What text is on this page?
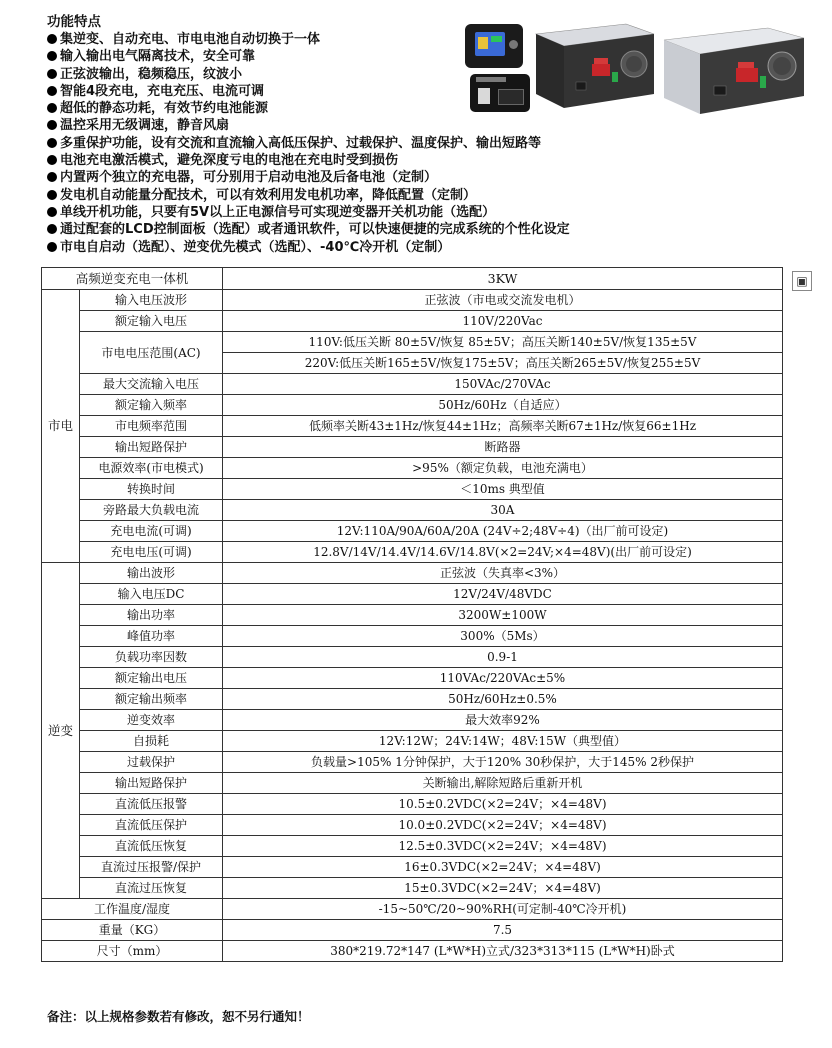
功能特点
集逆变、自动充电、市电电池自动切换于一体
输入输出电气隔离技术，安全可靠
正弦波输出，稳频稳压，纹波小
智能4段充电，充电充压、电流可调
超低的静态功耗，有效节约电池能源
温控采用无级调速，静音风扇
多重保护功能，设有交流和直流输入高低压保护、过载保护、温度保护、输出短路等
电池充电激活模式，避免深度亏电的电池在充电时受到损伤
内置两个独立的充电器，可分别用于启动电池及后备电池（定制）
发电机自动能量分配技术，可以有效利用发电机功率，降低配置（定制）
单线开机功能，只要有5V以上正电源信号可实现逆变器开关机功能（选配）
通过配套的LCD控制面板（选配）或者通讯软件，可以快速便捷的完成系统的个性化设定
市电自启动（选配）、逆变优先模式（选配）、-40℃冷开机（定制）
▣
高频逆变充电一体机		3KW
市电	输入电压波形	正弦波（市电或交流发电机）
	额定输入电压	110V/220Vac
	市电电压范围(AC)	110V:低压关断 80±5V/恢复 85±5V；高压关断140±5V/恢复135±5V
		220V:低压关断165±5V/恢复175±5V；高压关断265±5V/恢复255±5V
	最大交流输入电压	150VAc/270VAc
	额定输入频率	50Hz/60Hz（自适应）
	市电频率范围	低频率关断43±1Hz/恢复44±1Hz；高频率关断67±1Hz/恢复66±1Hz
	输出短路保护	断路器
	电源效率(市电模式)	>95%（额定负载，电池充满电）
	转换时间	＜10ms 典型值
	旁路最大负载电流	30A
	充电电流(可调)	12V:110A/90A/60A/20A (24V÷2;48V÷4)（出厂前可设定)
	充电电压(可调)	12.8V/14V/14.4V/14.6V/14.8V(×2=24V;×4=48V)(出厂前可设定)
逆变	输出波形	正弦波（失真率<3%）
	输入电压DC	12V/24V/48VDC
	输出功率	3200W±100W
	峰值功率	300%（5Ms）
	负载功率因数	0.9-1
	额定输出电压	110VAc/220VAc±5%
	额定输出频率	50Hz/60Hz±0.5%
	逆变效率	最大效率92%
	自损耗	12V:12W；24V:14W；48V:15W（典型值）
	过载保护	负载量>105% 1分钟保护，大于120% 30秒保护，大于145% 2秒保护
	输出短路保护	关断输出,解除短路后重新开机
	直流低压报警	10.5±0.2VDC(×2=24V；×4=48V)
	直流低压保护	10.0±0.2VDC(×2=24V；×4=48V)
	直流低压恢复	12.5±0.3VDC(×2=24V；×4=48V)
	直流过压报警/保护	16±0.3VDC(×2=24V；×4=48V)
	直流过压恢复	15±0.3VDC(×2=24V；×4=48V)
工作温度/湿度		-15~50℃/20~90%RH(可定制-40℃冷开机)
重量（KG）		7.5
尺寸（mm）		380*219.72*147 (L*W*H)立式/323*313*115 (L*W*H)卧式
备注：以上规格参数若有修改，恕不另行通知！
